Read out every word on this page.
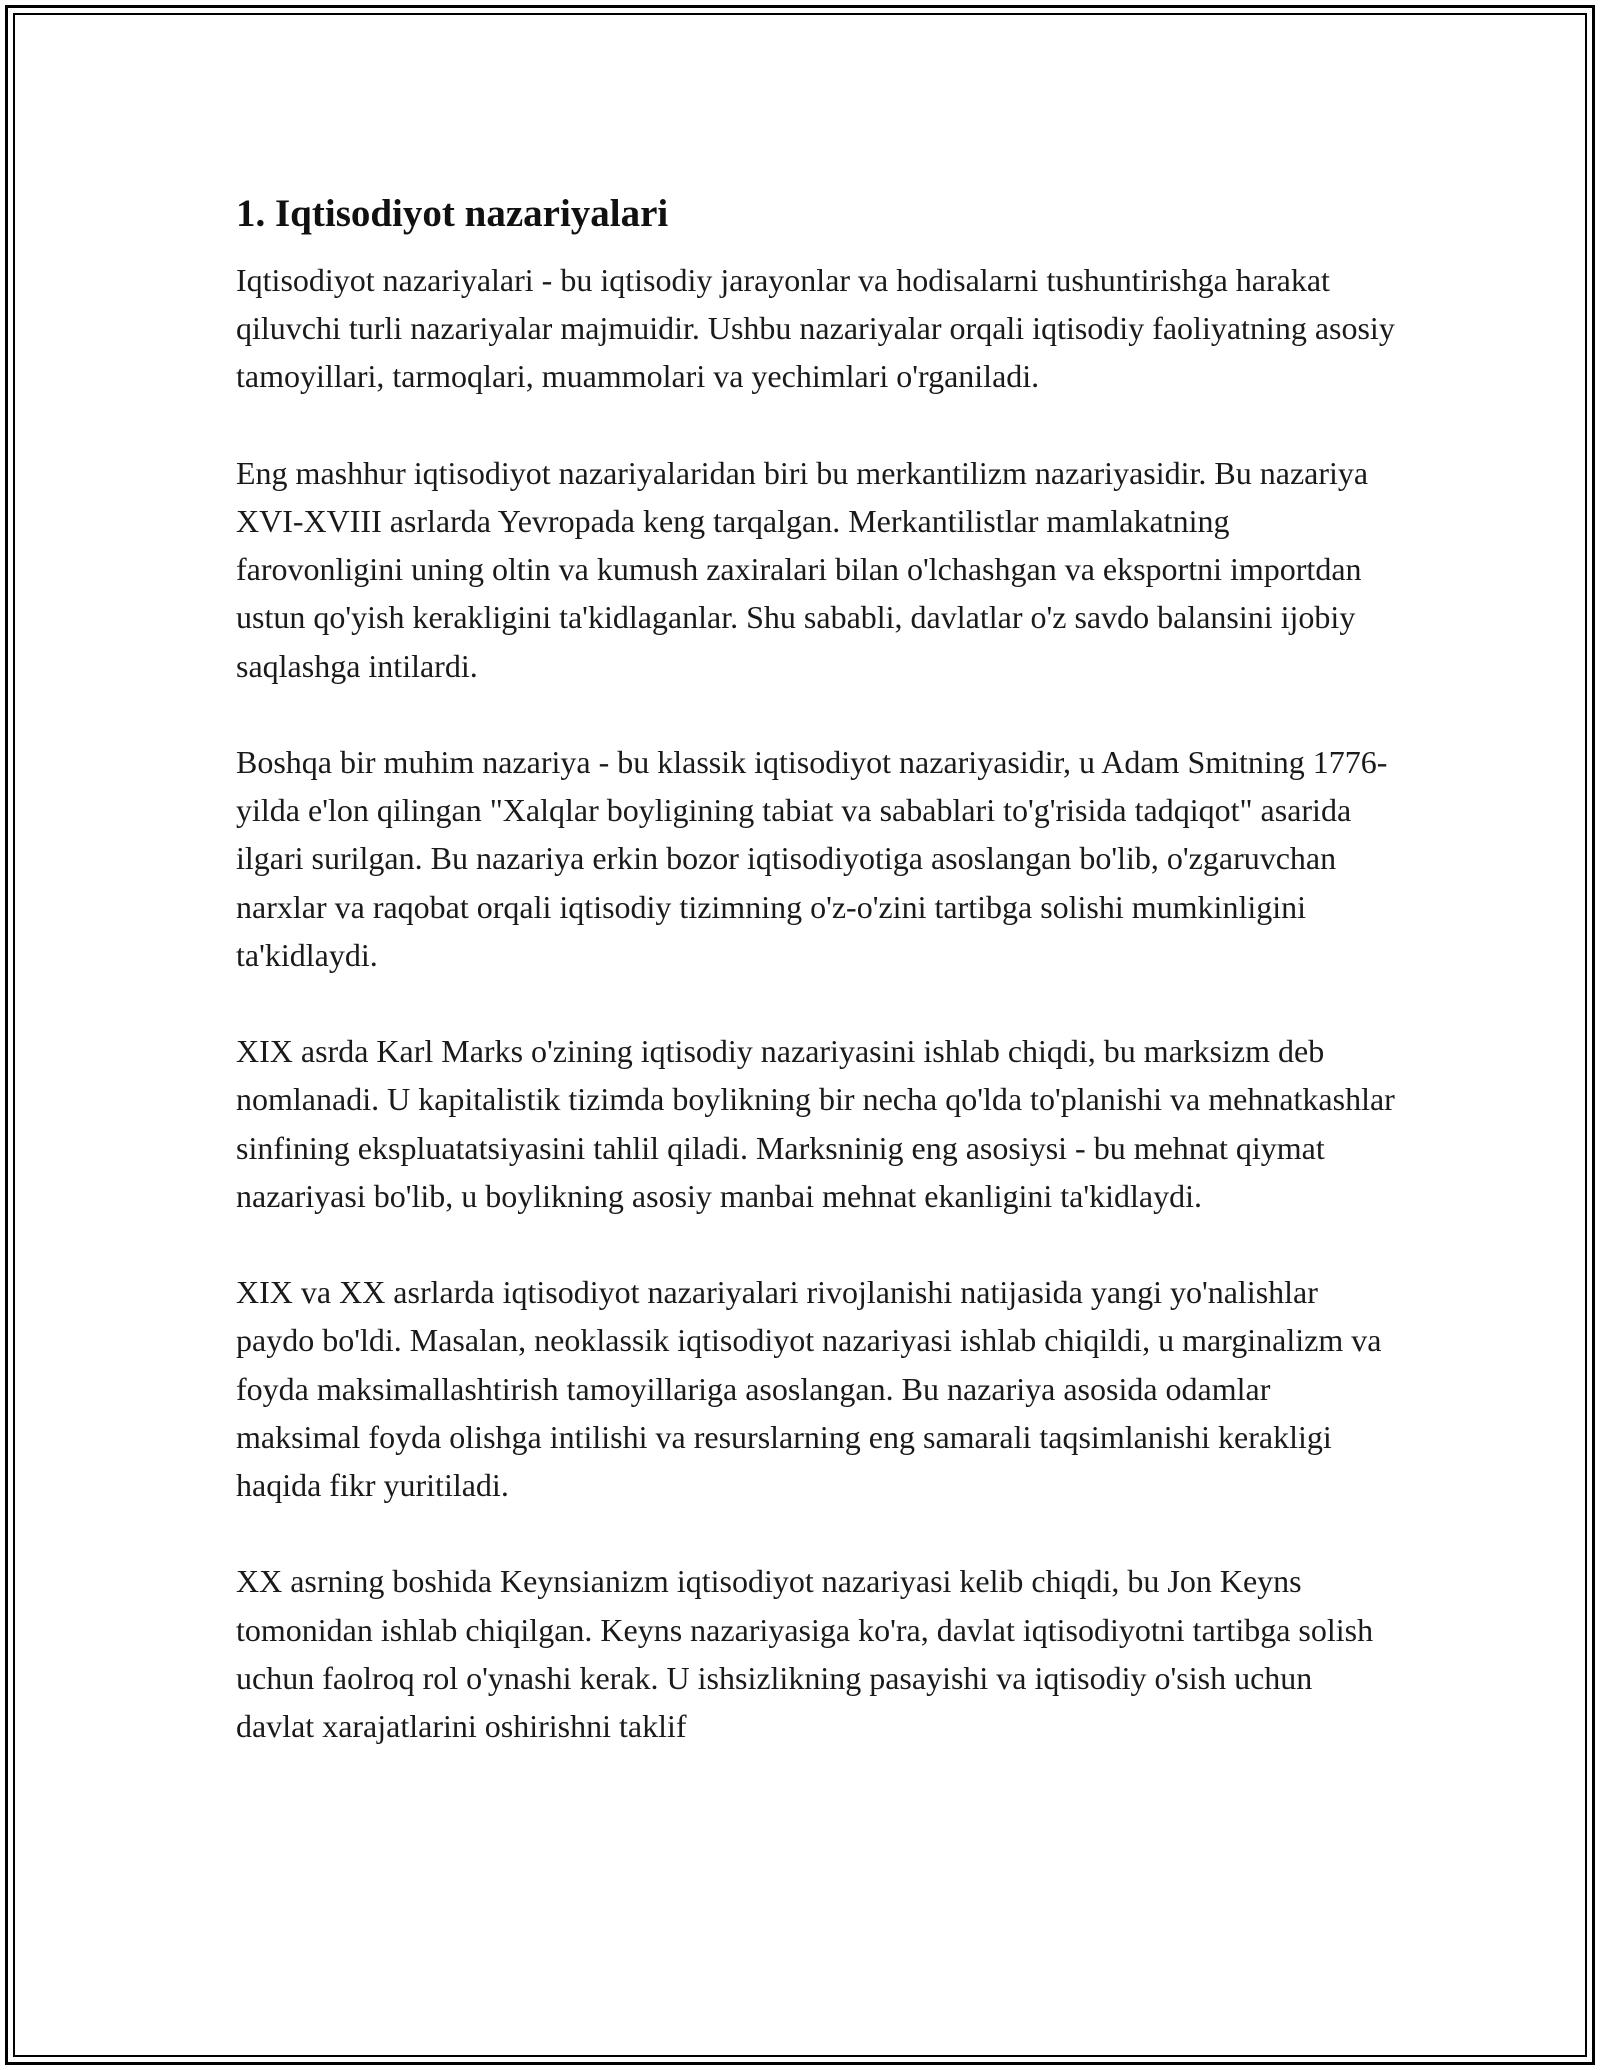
1. Iqtisodiyot nazariyalari

Iqtisodiyot nazariyalari - bu iqtisodiy jarayonlar va hodisalarni tushuntirishga harakat qiluvchi turli nazariyalar majmuidir. Ushbu nazariyalar orqali iqtisodiy faoliyatning asosiy tamoyillari, tarmoqlari, muammolari va yechimlari o'rganiladi.

Eng mashhur iqtisodiyot nazariyalaridan biri bu merkantilizm nazariyasidir. Bu nazariya XVI-XVIII asrlarda Yevropada keng tarqalgan. Merkantilistlar mamlakatning farovonligini uning oltin va kumush zaxiralari bilan o'lchashgan va eksportni importdan ustun qo'yish kerakligini ta'kidlaganlar. Shu sababli, davlatlar o'z savdo balansini ijobiy saqlashga intilardi.

Boshqa bir muhim nazariya - bu klassik iqtisodiyot nazariyasidir, u Adam Smitning 1776-yilda e'lon qilingan "Xalqlar boyligining tabiat va sabablari to'g'risida tadqiqot" asarida ilgari surilgan. Bu nazariya erkin bozor iqtisodiyotiga asoslangan bo'lib, o'zgaruvchan narxlar va raqobat orqali iqtisodiy tizimning o'z-o'zini tartibga solishi mumkinligini ta'kidlaydi.

XIX asrda Karl Marks o'zining iqtisodiy nazariyasini ishlab chiqdi, bu marksizm deb nomlanadi. U kapitalistik tizimda boylikning bir necha qo'lda to'planishi va mehnatkashlar sinfining ekspluatatsiyasini tahlil qiladi. Marksninig eng asosiysi - bu mehnat qiymat nazariyasi bo'lib, u boylikning asosiy manbai mehnat ekanligini ta'kidlaydi.

XIX va XX asrlarda iqtisodiyot nazariyalari rivojlanishi natijasida yangi yo'nalishlar paydo bo'ldi. Masalan, neoklassik iqtisodiyot nazariyasi ishlab chiqildi, u marginalizm va foyda maksimallashtirish tamoyillariga asoslangan. Bu nazariya asosida odamlar maksimal foyda olishga intilishi va resurslarning eng samarali taqsimlanishi kerakligi haqida fikr yuritiladi.

XX asrning boshida Keynsianizm iqtisodiyot nazariyasi kelib chiqdi, bu Jon Keyns tomonidan ishlab chiqilgan. Keyns nazariyasiga ko'ra, davlat iqtisodiyotni tartibga solish uchun faolroq rol o'ynashi kerak. U ishsizlikning pasayishi va iqtisodiy o'sish uchun davlat xarajatlarini oshirishni taklif
